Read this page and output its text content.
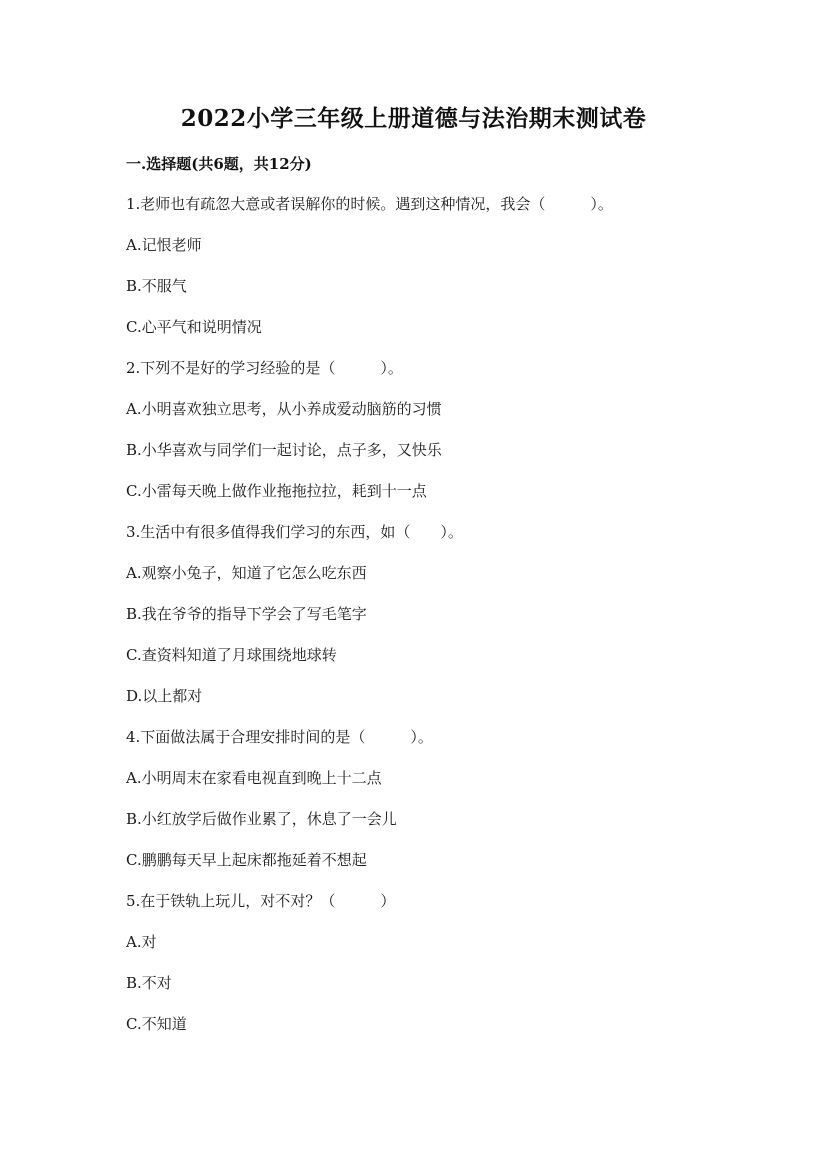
2022小学三年级上册道德与法治期末测试卷
一.选择题(共6题，共12分)
1.老师也有疏忽大意或者误解你的时候。遇到这种情况，我会（　　　）。
A.记恨老师
B.不服气
C.心平气和说明情况
2.下列不是好的学习经验的是（　　　）。
A.小明喜欢独立思考，从小养成爱动脑筋的习惯
B.小华喜欢与同学们一起讨论，点子多，又快乐
C.小雷每天晚上做作业拖拖拉拉，耗到十一点
3.生活中有很多值得我们学习的东西，如（　　）。
A.观察小兔子，知道了它怎么吃东西
B.我在爷爷的指导下学会了写毛笔字
C.查资料知道了月球围绕地球转
D.以上都对
4.下面做法属于合理安排时间的是（　　　）。
A.小明周末在家看电视直到晚上十二点
B.小红放学后做作业累了，休息了一会儿
C.鹏鹏每天早上起床都拖延着不想起
5.在于铁轨上玩儿，对不对？（　　　）
A.对
B.不对
C.不知道
